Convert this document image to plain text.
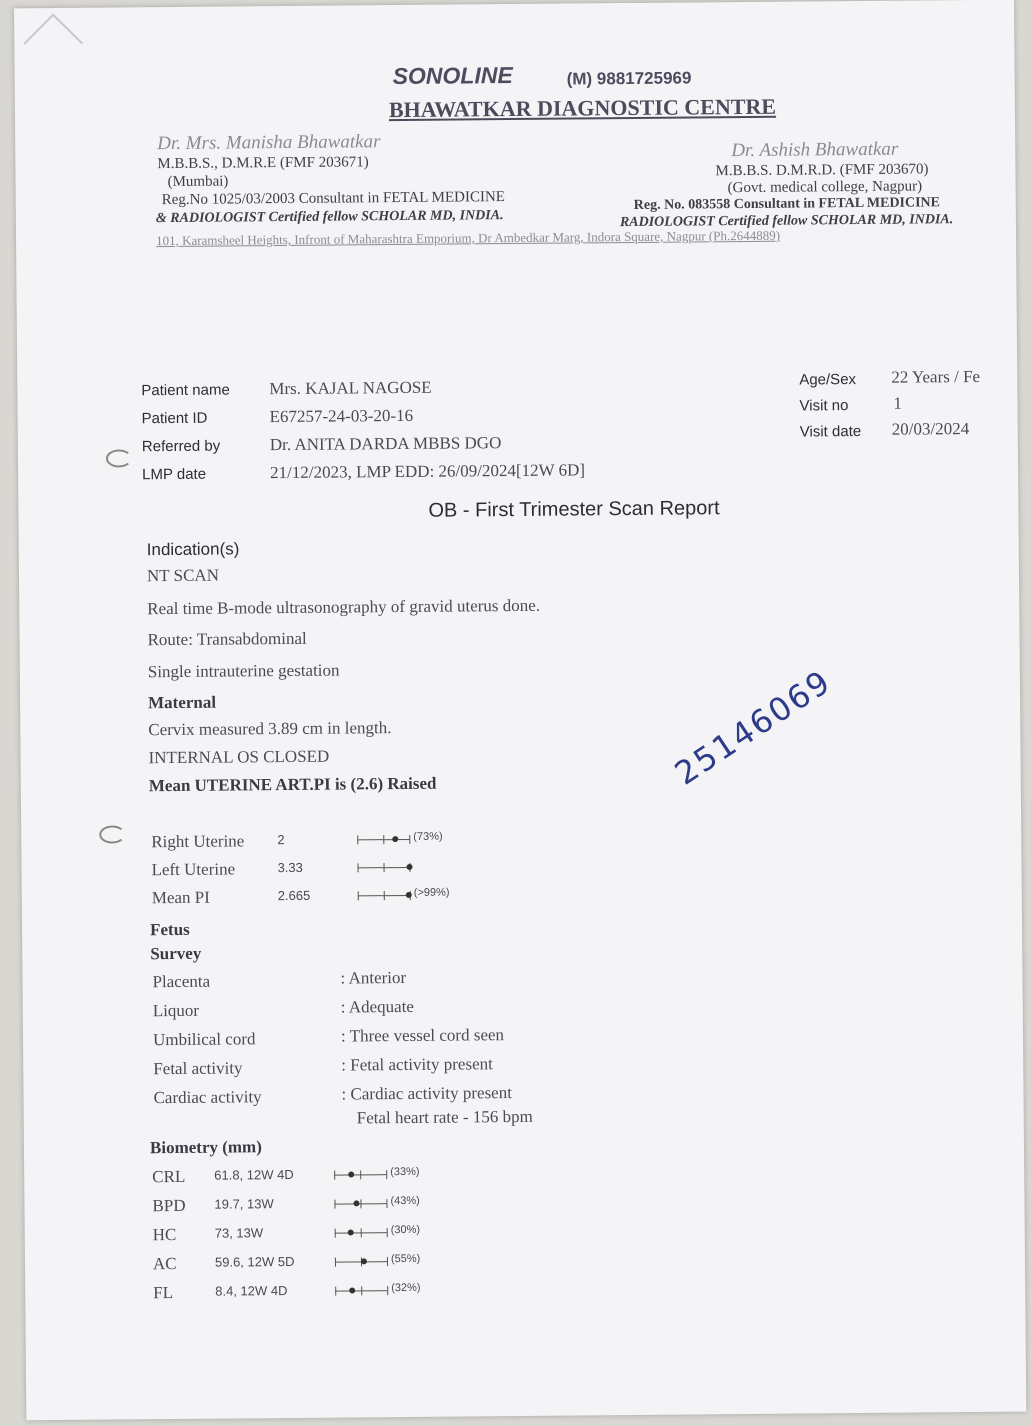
SONOLINE	(M) 9881725969
BHAWATKAR DIAGNOSTIC CENTRE
Dr. Mrs. Manisha Bhawatkar
M.B.B.S., D.M.R.E (FMF 203671)
(Mumbai)
Reg.No 1025/03/2003 Consultant in FETAL MEDICINE
& RADIOLOGIST Certified fellow SCHOLAR MD, INDIA.
Dr. Ashish Bhawatkar
M.B.B.S. D.M.R.D. (FMF 203670)
(Govt. medical college, Nagpur)
Reg. No. 083558 Consultant in FETAL MEDICINE
RADIOLOGIST Certified fellow SCHOLAR MD, INDIA.
101, Karamsheel Heights, Infront of Maharashtra Emporium, Dr Ambedkar Marg, Indora Square, Nagpur (Ph.2644889)
Patient name Mrs. KAJAL NAGOSE
Patient ID	E67257-24-03-20-16
Referred by	Dr. ANITA DARDA MBBS DGO
LMP date	21/12/2023, LMP EDD: 26/09/2024[12W 6D]
Age/Sex 22 Years / Fe
Visit no	1
Visit date 20/03/2024
OB - First Trimester Scan Report
25146069
Indication(s)
NT SCAN
Real time B-mode ultrasonography of gravid uterus done.
Route: Transabdominal
Single intrauterine gestation
Maternal
Cervix measured 3.89 cm in length.
INTERNAL OS CLOSED
Mean UTERINE ART.PI is (2.6) Raised
Right Uterine	2	(73%)
Left Uterine	3.33
Mean PI	2.665	(>99%)
Fetus
Survey
Placenta	: Anterior
Liquor	: Adequate
Umbilical cord	: Three vessel cord seen
Fetal activity	: Fetal activity present
Cardiac activity	: Cardiac activity present
Fetal heart rate - 156 bpm
Biometry (mm)
CRL 61.8, 12W 4D	(33%)
BPD 19.7, 13W	(43%)
HC	73, 13W	(30%)
AC	59.6, 12W 5D	(55%)
FL	8.4, 12W 4D	(32%)
